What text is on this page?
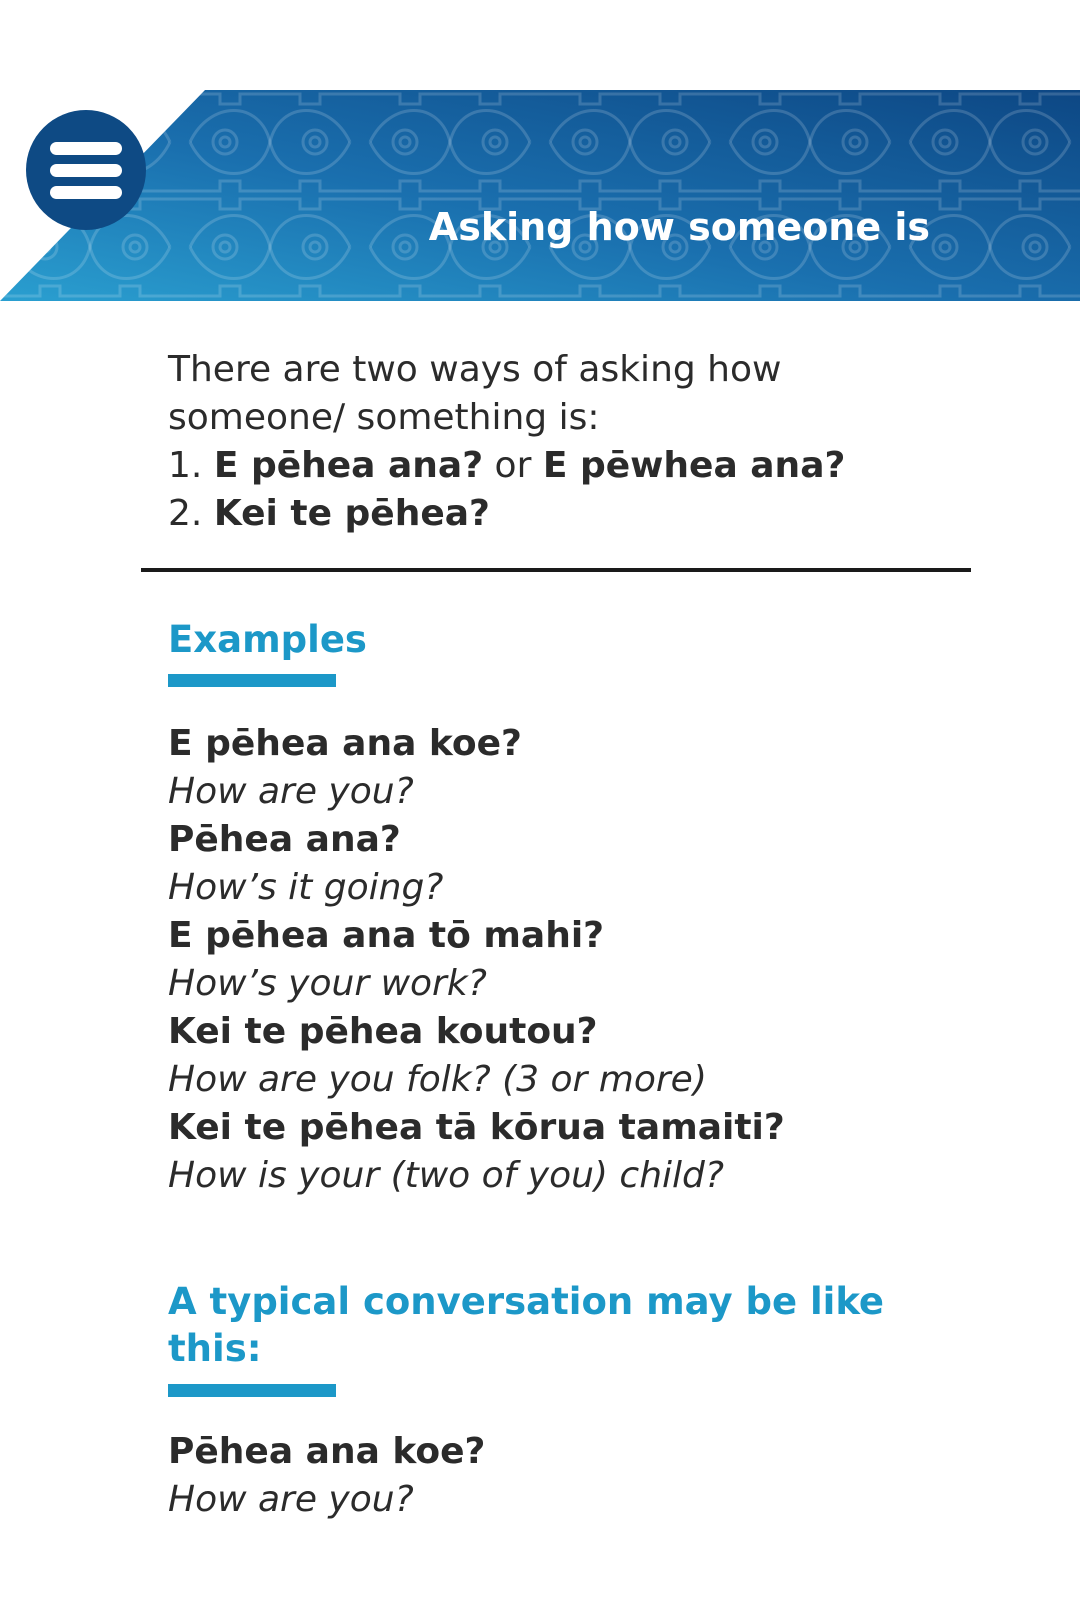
Asking how someone is
There are two ways of asking how
someone/ something is:
1. E pēhea ana? or E pēwhea ana?
2. Kei te pēhea?
Examples
E pēhea ana koe?
How are you?
Pēhea ana?
How’s it going?
E pēhea ana tō mahi?
How’s your work?
Kei te pēhea koutou?
How are you folk? (3 or more)
Kei te pēhea tā kōrua tamaiti?
How is your (two of you) child?
A typical conversation may be like
this:
Pēhea ana koe?
How are you?
